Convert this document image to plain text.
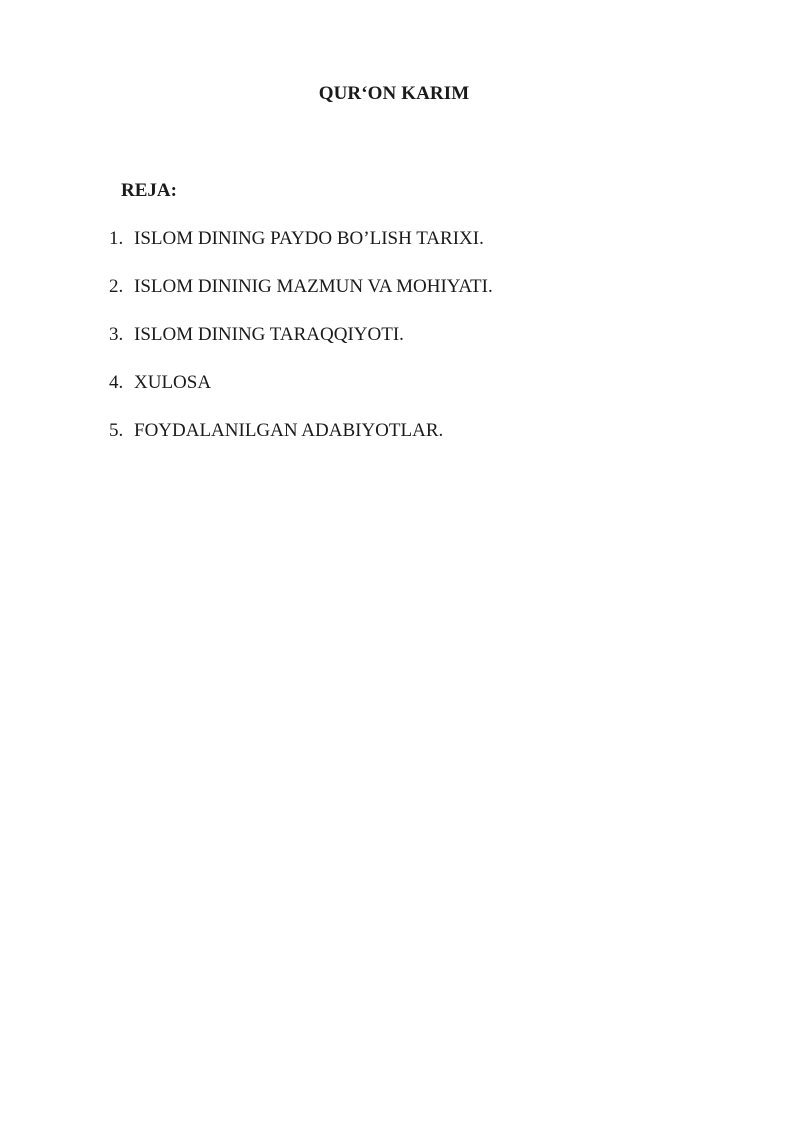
QUR‘ON KARIM
REJA:
1. ISLOM DINING PAYDO BO’LISH TARIXI.
2. ISLOM DININIG MAZMUN VA MOHIYATI.
3. ISLOM DINING TARAQQIYOTI.
4. XULOSA
5. FOYDALANILGAN ADABIYOTLAR.
